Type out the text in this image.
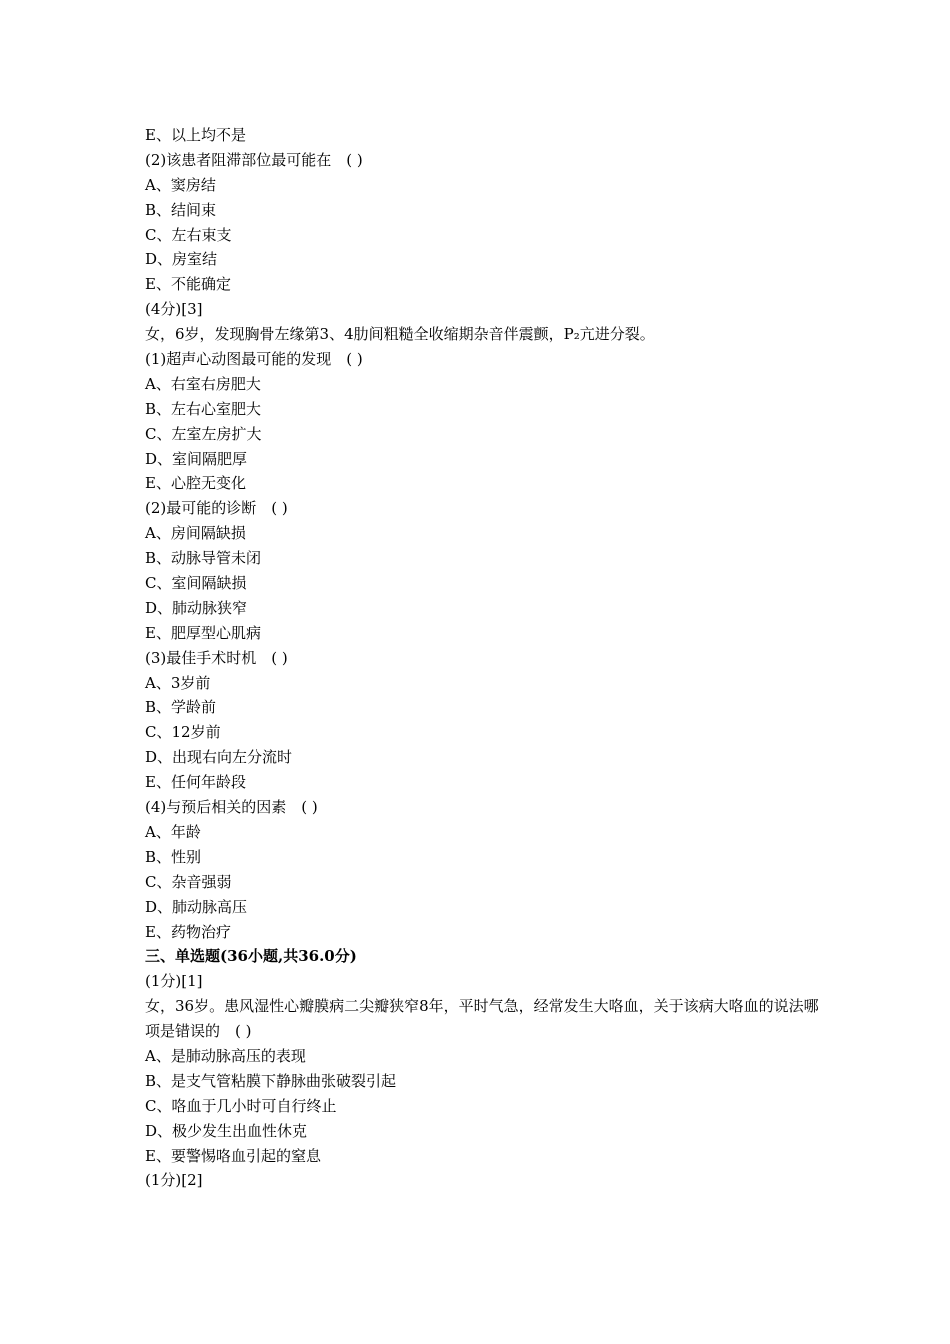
E、以上均不是
(2)该患者阻滞部位最可能在　( )
A、窦房结
B、结间束
C、左右束支
D、房室结
E、不能确定
(4分)[3]
女，6岁，发现胸骨左缘第3、4肋间粗糙全收缩期杂音伴震颤，P₂亢进分裂。
(1)超声心动图最可能的发现　( )
A、右室右房肥大
B、左右心室肥大
C、左室左房扩大
D、室间隔肥厚
E、心腔无变化
(2)最可能的诊断　( )
A、房间隔缺损
B、动脉导管未闭
C、室间隔缺损
D、肺动脉狭窄
E、肥厚型心肌病
(3)最佳手术时机　( )
A、3岁前
B、学龄前
C、12岁前
D、出现右向左分流时
E、任何年龄段
(4)与预后相关的因素　( )
A、年龄
B、性别
C、杂音强弱
D、肺动脉高压
E、药物治疗
三、单选题(36小题,共36.0分)
(1分)[1]
女，36岁。患风湿性心瓣膜病二尖瓣狭窄8年，平时气急，经常发生大咯血，关于该病大咯血的说法哪项是错误的　( )
A、是肺动脉高压的表现
B、是支气管粘膜下静脉曲张破裂引起
C、咯血于几小时可自行终止
D、极少发生出血性休克
E、要警惕咯血引起的窒息
(1分)[2]
